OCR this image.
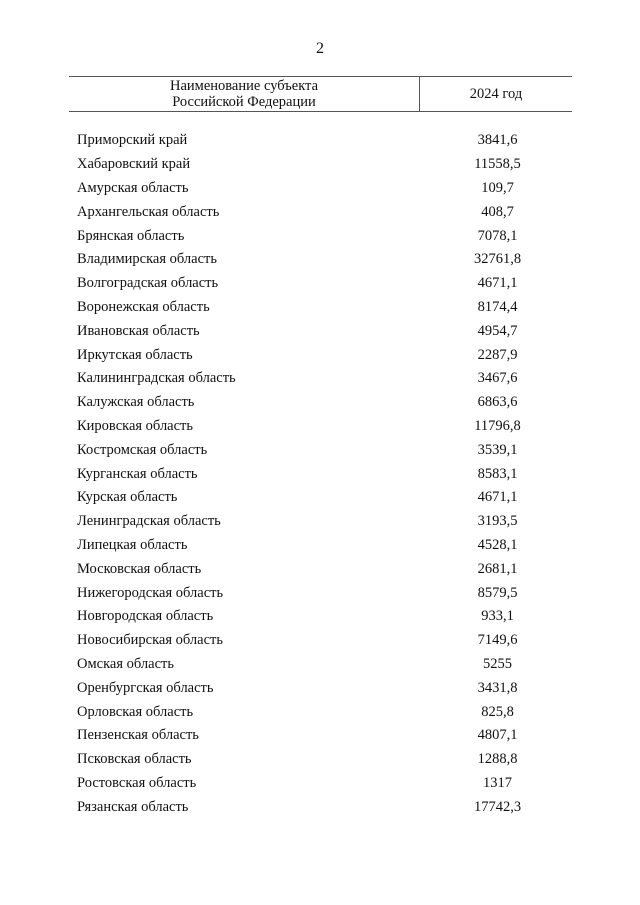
2
Наименование субъекта
Российской Федерации	2024 год
Приморский край	3841,6
Хабаровский край	11558,5
Амурская область	109,7
Архангельская область	408,7
Брянская область	7078,1
Владимирская область	32761,8
Волгоградская область	4671,1
Воронежская область	8174,4
Ивановская область	4954,7
Иркутская область	2287,9
Калининградская область	3467,6
Калужская область	6863,6
Кировская область	11796,8
Костромская область	3539,1
Курганская область	8583,1
Курская область	4671,1
Ленинградская область	3193,5
Липецкая область	4528,1
Московская область	2681,1
Нижегородская область	8579,5
Новгородская область	933,1
Новосибирская область	7149,6
Омская область	5255
Оренбургская область	3431,8
Орловская область	825,8
Пензенская область	4807,1
Псковская область	1288,8
Ростовская область	1317
Рязанская область	17742,3
